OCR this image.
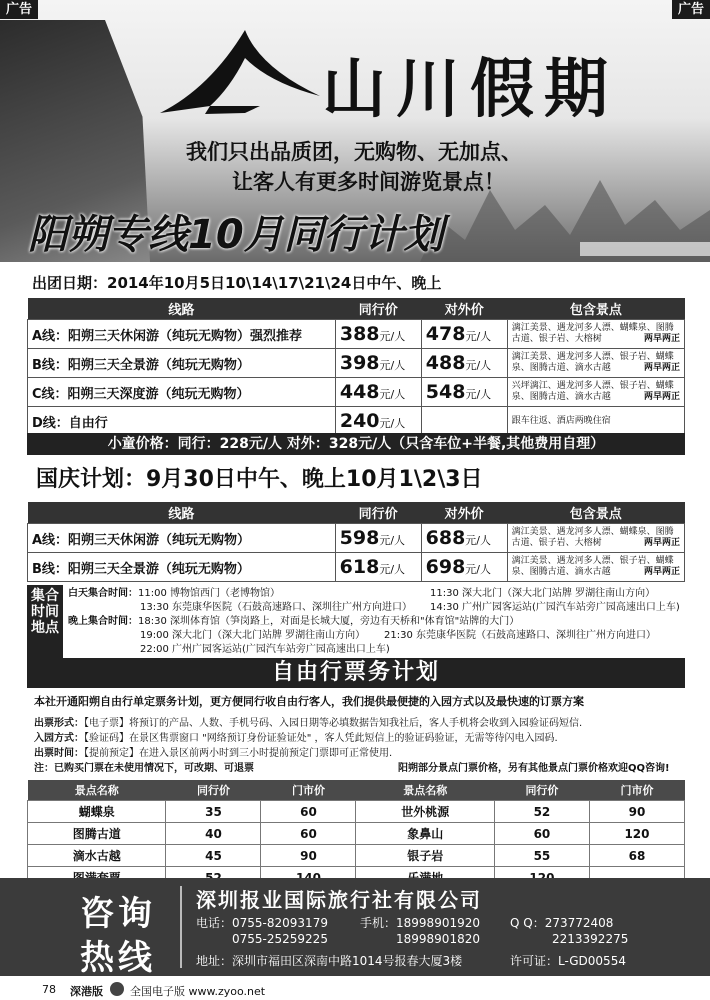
广告	广告
山川假期
我们只出品质团，无购物、无加点、
让客人有更多时间游览景点！
阳朔专线10月同行计划
出团日期：2014年10月5日10\14\17\21\24日中午、晚上
线路	同行价	对外价	包含景点
A线：阳朔三天休闲游（纯玩无购物）强烈推荐	388元/人	478元/人	漓江美景、遇龙河多人漂、蝴蝶泉、图腾古道、银子岩、大榕树 两早两正

B线：阳朔三天全景游（纯玩无购物）	398元/人	488元/人	漓江美景、遇龙河多人漂、银子岩、蝴蝶泉、图腾古道、滴水古越 两早两正

C线：阳朔三天深度游（纯玩无购物）	448元/人	548元/人	兴坪漓江、遇龙河多人漂、银子岩、蝴蝶泉、图腾古道、滴水古越 两早两正

D线：自由行	240元/人		跟车往返、酒店两晚住宿
小童价格：同行：228元/人 对外：328元/人（只含车位+半餐,其他费用自理）
国庆计划：9月30日中午、晚上10月1\2\3日
线路	同行价	对外价	包含景点
A线：阳朔三天休闲游（纯玩无购物）	598元/人	688元/人	漓江美景、遇龙河多人漂、蝴蝶泉、图腾古道、银子岩、大榕树 两早两正

B线：阳朔三天全景游（纯玩无购物）	618元/人	698元/人	漓江美景、遇龙河多人漂、银子岩、蝴蝶泉、图腾古道、滴水古越 两早两正
集合时间地点
白天集合时间：11:00 博物馆西门（老博物馆）	11:30 深大北门（深大北门站牌 罗湖往南山方向）
13:30 东莞康华医院（石鼓高速路口、深圳往广州方向进口） 14:30 广州广园客运站(广园汽车站旁广园高速出口上车)
晚上集合时间：18:30 深圳体育馆（笋岗路上，对面是长城大厦，旁边有天桥和"体育馆"站牌的大门）
19:00 深大北门（深大北门站牌 罗湖往南山方向） 21:30 东莞康华医院（石鼓高速路口、深圳往广州方向进口）
22:00 广州广园客运站(广园汽车站旁广园高速出口上车)
自由行票务计划
本社开通阳朔自由行单定票务计划，更方便同行收自由行客人，我们提供最便捷的入园方式以及最快速的订票方案
出票形式：【电子票】将预订的产品、人数、手机号码、入园日期等必填数据告知我社后，客人手机将会收到入园验证码短信.
入园方式：【验证码】在景区售票窗口 "网络预订身份证验证处" ，客人凭此短信上的验证码验证，无需等待闪电入园码.
出票时间：【提前预定】在进入景区前两小时到三小时提前预定门票即可正常使用.
注：已购买门票在未使用情况下，可改期、可退票	阳朔部分景点门票价格，另有其他景点门票价格欢迎QQ咨询!
景点名称	同行价	门市价	景点名称	同行价	门市价
蝴蝶泉	35	60	世外桃源	52	90
图腾古道	40	60	象鼻山	60	120
滴水古越	45	90	银子岩	55	68

咨询
热线
深圳报业国际旅行社有限公司
电话：0755-82093179
0755-25259225
手机：18998901920
18998901820
Q Q：273772408
2213392275
地址：深圳市福田区深南中路1014号报春大厦3楼	许可证：L-GD00554
78 深港版 全国电子版 www.zyoo.net
